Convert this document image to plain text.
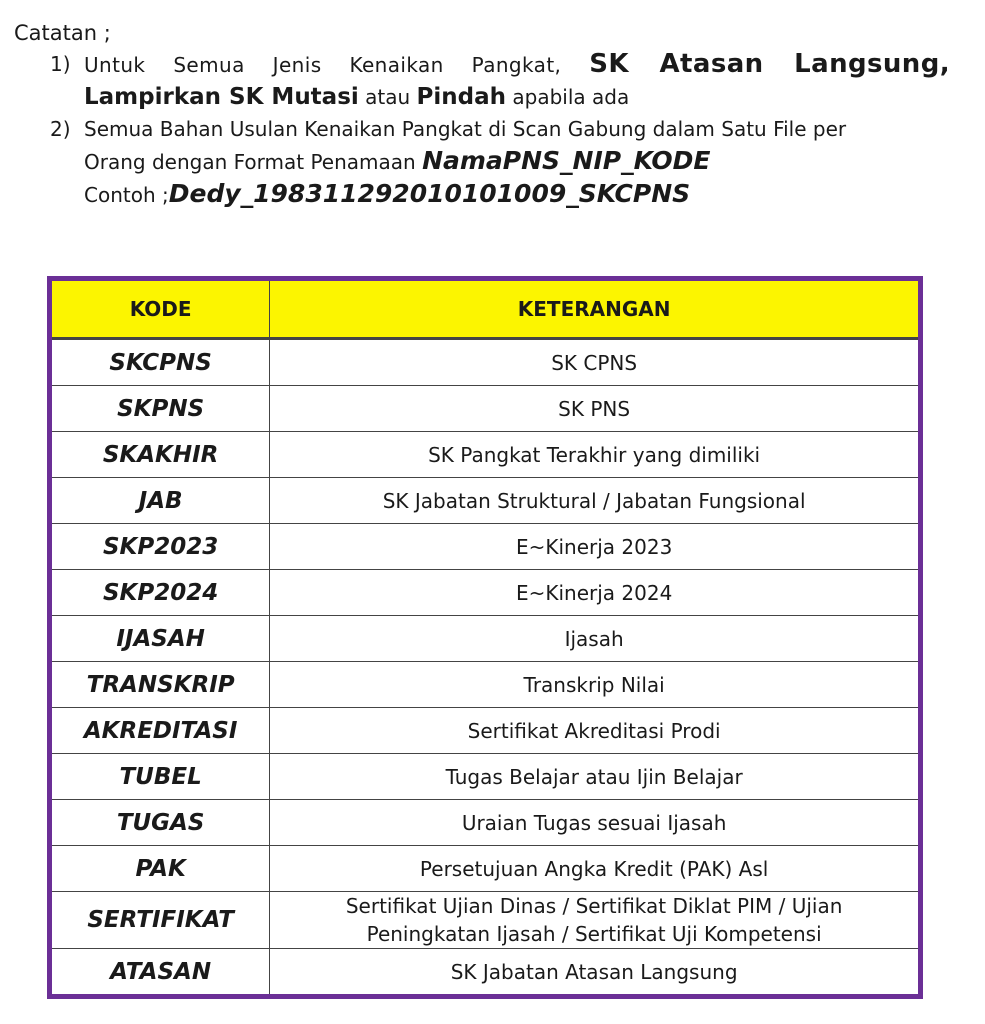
Catatan ;
1) Untuk Semua Jenis Kenaikan Pangkat, SK Atasan Langsung,
Lampirkan SK Mutasi atau Pindah apabila ada
2) Semua Bahan Usulan Kenaikan Pangkat di Scan Gabung dalam Satu File per
Orang dengan Format Penamaan NamaPNS_NIP_KODE
Contoh ;Dedy_198311292010101009_SKCPNS
KODE	KETERANGAN
SKCPNS	SK CPNS
SKPNS	SK PNS
SKAKHIR	SK Pangkat Terakhir yang dimiliki
JAB	SK Jabatan Struktural / Jabatan Fungsional
SKP2023	E~Kinerja 2023
SKP2024	E~Kinerja 2024
IJASAH	Ijasah
TRANSKRIP	Transkrip Nilai
AKREDITASI	Sertifikat Akreditasi Prodi
TUBEL	Tugas Belajar atau Ijin Belajar
TUGAS	Uraian Tugas sesuai Ijasah
PAK	Persetujuan Angka Kredit (PAK) Asl
SERTIFIKAT	Sertifikat Ujian Dinas / Sertifikat Diklat PIM / Ujian
Peningkatan Ijasah / Sertifikat Uji Kompetensi

ATASAN	SK Jabatan Atasan Langsung
